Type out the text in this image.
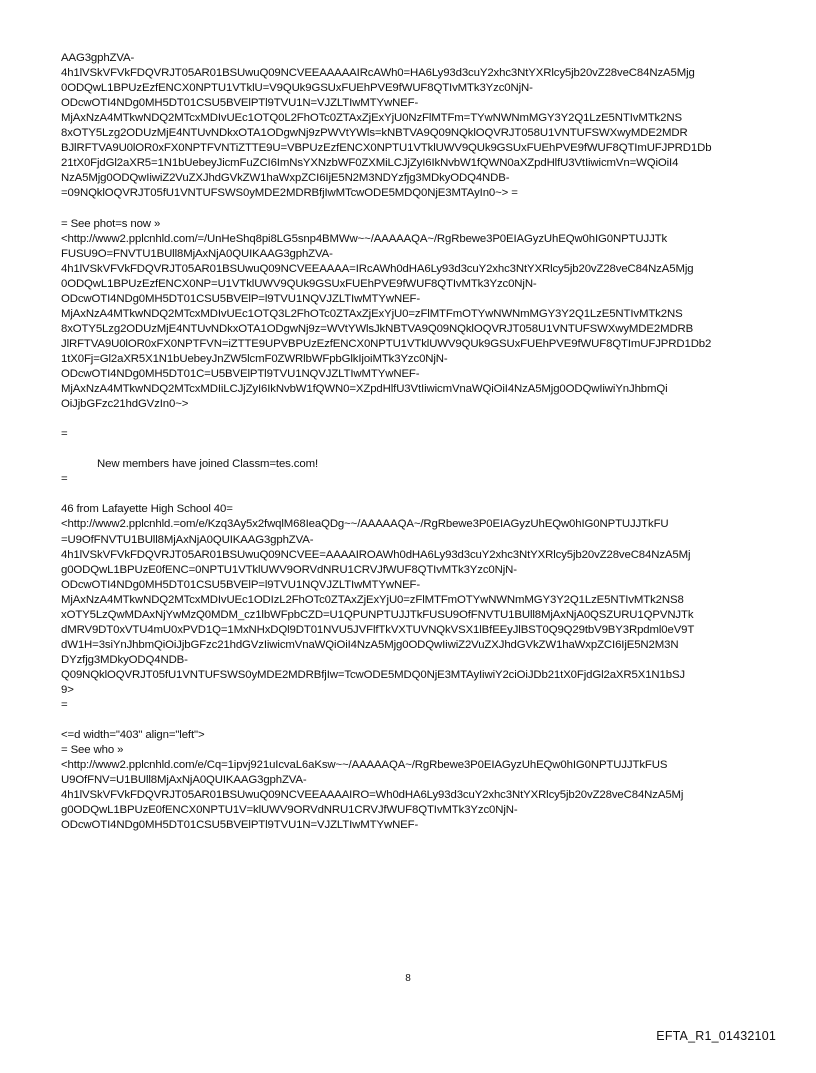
AAG3gphZVA-
4h1lVSkVFVkFDQVRJT05AR01BSUwuQ09NCVEEAAAAAIRcAWh0=HA6Ly93d3cuY2xhc3NtYXRlcy5jb20vZ28veC84NzA5Mjg
0ODQwL1BPUzEzfENCX0NPTU1VTklU=V9QUk9GSUxFUEhPVE9fWUF8QTIvMTk3Yzc0NjN-
ODcwOTI4NDg0MH5DT01CSU5BVElPTl9TVU1N=VJZLTIwMTYwNEF-
MjAxNzA4MTkwNDQ2MTcxMDIvUEc1OTQ0L2FhOTc0ZTAxZjExYjU0NzFlMTFm=TYwNWNmMGY3Y2Q1LzE5NTIvMTk2NS
8xOTY5Lzg2ODUzMjE4NTUvNDkxOTA1ODgwNj9zPWVtYWls=kNBTVA9Q09NQklOQVRJT058U1VNTUFSWXwyMDE2MDR
BJlRFTVA9U0lOR0xFX0NPTFVNTiZTTE9U=VBPUzEzfENCX0NPTU1VTklUWV9QUk9GSUxFUEhPVE9fWUF8QTImUFJPRD1Db
21tX0FjdGl2aXR5=1N1bUebeyJicmFuZCI6ImNsYXNzbWF0ZXMiLCJjZyI6IkNvbW1fQWN0aXZpdHlfU3VtIiwicmVn=WQiOiI4
NzA5Mjg0ODQwIiwiZ2VuZXJhdGVkZW1haWxpZCI6IjE5N2M3NDYzfjg3MDkyODQ4NDB-
=09NQklOQVRJT05fU1VNTUFSWS0yMDE2MDRBfjIwMTcwODE5MDQ0NjE3MTAyIn0~> =
= See phot=s now »
<http://www2.pplcnhld.com/=/UnHeShq8pi8LG5snp4BMWw~~/AAAAAQA~/RgRbewe3P0EIAGyzUhEQw0hIG0NPTUJJTk
FUSU9O=FNVTU1BUll8MjAxNjA0QUIKAAG3gphZVA-
4h1lVSkVFVkFDQVRJT05AR01BSUwuQ09NCVEEAAAA=IRcAWh0dHA6Ly93d3cuY2xhc3NtYXRlcy5jb20vZ28veC84NzA5Mjg
0ODQwL1BPUzEzfENCX0NP=U1VTklUWV9QUk9GSUxFUEhPVE9fWUF8QTIvMTk3Yzc0NjN-
ODcwOTI4NDg0MH5DT01CSU5BVElP=l9TVU1NQVJZLTIwMTYwNEF-
MjAxNzA4MTkwNDQ2MTcxMDIvUEc1OTQ3L2FhOTc0ZTAxZjExYjU0=zFlMTFmOTYwNWNmMGY3Y2Q1LzE5NTIvMTk2NS
8xOTY5Lzg2ODUzMjE4NTUvNDkxOTA1ODgwNj9z=WVtYWlsJkNBTVA9Q09NQklOQVRJT058U1VNTUFSWXwyMDE2MDRB
JlRFTVA9U0lOR0xFX0NPTFVN=iZTTE9UPVBPUzEzfENCX0NPTU1VTklUWV9QUk9GSUxFUEhPVE9fWUF8QTImUFJPRD1Db2
1tX0Fj=Gl2aXR5X1N1bUebeyJnZW5lcmF0ZWRlbWFpbGlkIjoiMTk3Yzc0NjN-
ODcwOTI4NDg0MH5DT01C=U5BVElPTl9TVU1NQVJZLTIwMTYwNEF-
MjAxNzA4MTkwNDQ2MTcxMDIiLCJjZyI6IkNvbW1fQWN0=XZpdHlfU3VtIiwicmVnaWQiOiI4NzA5Mjg0ODQwIiwiYnJhbmQi
OiJjbGFzc21hdGVzIn0~>
=
New members have joined Classm=tes.com!
=
46 from Lafayette High School 40=
<http://www2.pplcnhld.=om/e/Kzq3Ay5x2fwqlM68IeaQDg~~/AAAAAQA~/RgRbewe3P0EIAGyzUhEQw0hIG0NPTUJJTkFU
=U9OfFNVTU1BUll8MjAxNjA0QUIKAAG3gphZVA-
4h1lVSkVFVkFDQVRJT05AR01BSUwuQ09NCVEE=AAAAIROAWh0dHA6Ly93d3cuY2xhc3NtYXRlcy5jb20vZ28veC84NzA5Mj
g0ODQwL1BPUzE0fENC=0NPTU1VTklUWV9ORVdNRU1CRVJfWUF8QTIvMTk3Yzc0NjN-
ODcwOTI4NDg0MH5DT01CSU5BVElP=l9TVU1NQVJZLTIwMTYwNEF-
MjAxNzA4MTkwNDQ2MTcxMDIvUEc1ODIzL2FhOTc0ZTAxZjExYjU0=zFlMTFmOTYwNWNmMGY3Y2Q1LzE5NTIvMTk2NS8
xOTY5LzQwMDAxNjYwMzQ0MDM_cz1lbWFpbCZD=U1QPUNPTUJJTkFUSU9OfFNVTU1BUll8MjAxNjA0QSZURU1QPVNJTk
dMRV9DT0xVTU4mU0xPVD1Q=1MxNHxDQl9DT01NVU5JVFlfTkVXTUVNQkVSX1lBfEEyJlBST0Q9Q29tbV9BY3Rpdml0eV9T
dW1H=3siYnJhbmQiOiJjbGFzc21hdGVzIiwicmVnaWQiOiI4NzA5Mjg0ODQwIiwiZ2VuZXJhdGVkZW1haWxpZCI6IjE5N2M3N
DYzfjg3MDkyODQ4NDB-
Q09NQklOQVRJT05fU1VNTUFSWS0yMDE2MDRBfjIw=TcwODE5MDQ0NjE3MTAyIiwiY2ciOiJDb21tX0FjdGl2aXR5X1N1bSJ
9>
=
<=d width="403" align="left">
= See who »
<http://www2.pplcnhld.com/e/Cq=1ipvj921uIcvaL6aKsw~~/AAAAAQA~/RgRbewe3P0EIAGyzUhEQw0hIG0NPTUJJTkFUS
U9OfFNV=U1BUll8MjAxNjA0QUIKAAG3gphZVA-
4h1lVSkVFVkFDQVRJT05AR01BSUwuQ09NCVEEAAAAIRO=Wh0dHA6Ly93d3cuY2xhc3NtYXRlcy5jb20vZ28veC84NzA5Mj
g0ODQwL1BPUzE0fENCX0NPTU1V=klUWV9ORVdNRU1CRVJfWUF8QTIvMTk3Yzc0NjN-
ODcwOTI4NDg0MH5DT01CSU5BVElPTl9TVU1N=VJZLTIwMTYwNEF-
8
EFTA_R1_01432101
